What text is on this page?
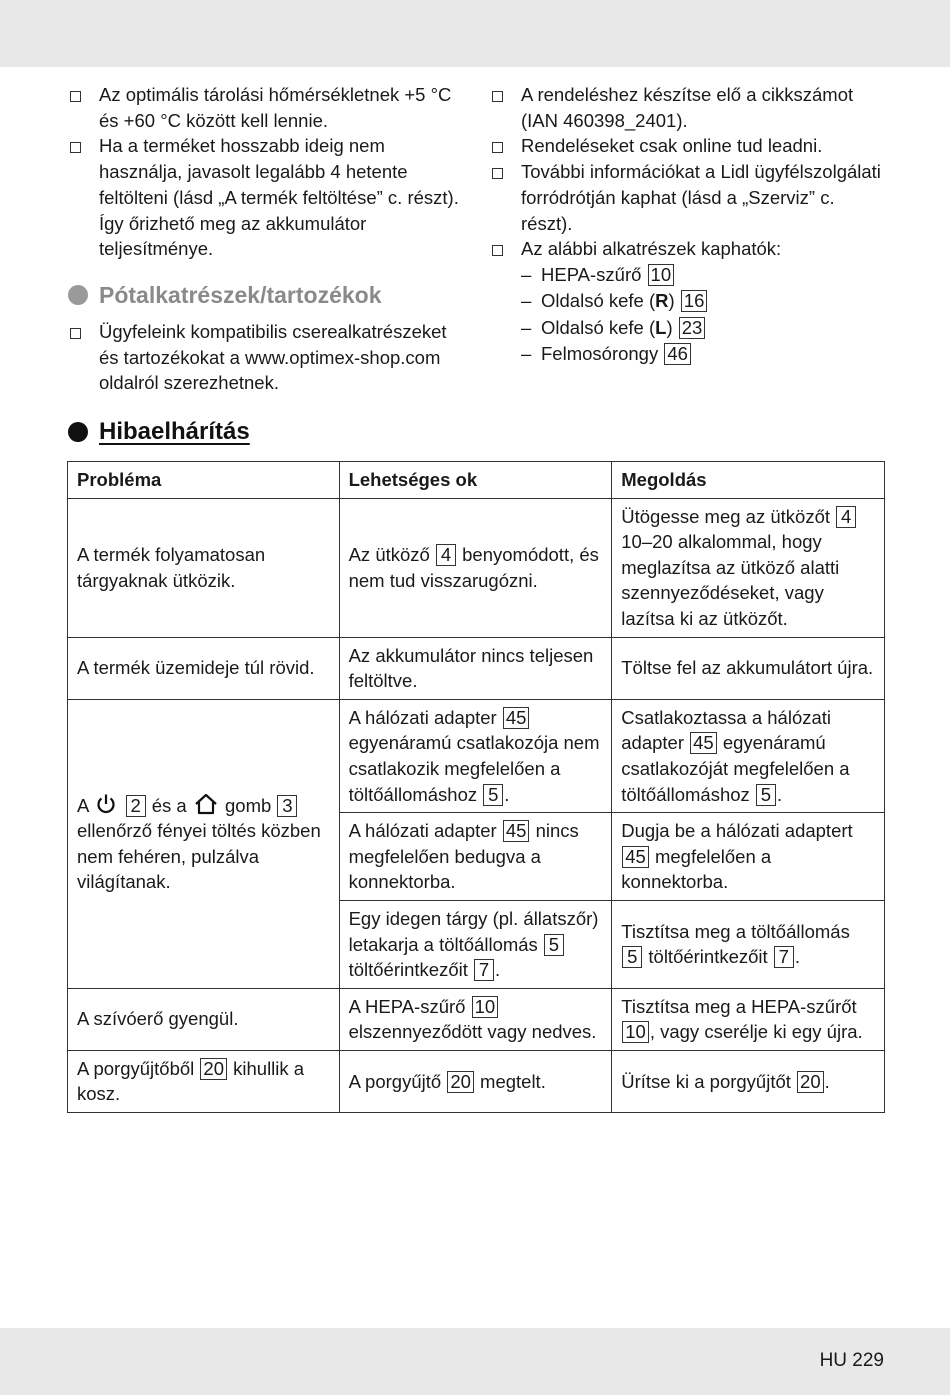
Az optimális tárolási hőmérsékletnek +5 °C és +60 °C között kell lennie.
Ha a terméket hosszabb ideig nem használja, javasolt legalább 4 hetente feltölteni (lásd „A termék feltöltése” c. részt). Így őrizhető meg az akkumulátor teljesítménye.
Pótalkatrészek/tartozékok
Ügyfeleink kompatibilis cserealkatrészeket és tartozékokat a www.optimex-shop.com oldalról szerezhetnek.
A rendeléshez készítse elő a cikkszámot (IAN 460398_2401).
Rendeléseket csak online tud leadni.
További információkat a Lidl ügyfélszolgálati forródrótján kaphat (lásd a „Szerviz” c. részt).
Az alábbi alkatrészek kaphatók:
– HEPA-szűrő 10
– Oldalsó kefe (R) 16
– Oldalsó kefe (L) 23
– Felmosórongy 46
Hibaelhárítás
Probléma	Lehetséges ok	Megoldás
A termék folyamatosan tárgyaknak ütközik.	Az ütköző 4 benyomódott, és nem tud visszarugózni.	Ütögesse meg az ütközőt 4 10–20 alkalommal, hogy meglazítsa az ütköző alatti szennyeződéseket, vagy lazítsa ki az ütközőt.
A termék üzemideje túl rövid.	Az akkumulátor nincs teljesen feltöltve.	Töltse fel az akkumulátort újra.
A 2 és a gomb 3 ellenőrző fényei töltés közben nem fehéren, pulzálva világítanak.	A hálózati adapter 45 egyenáramú csatlakozója nem csatlakozik megfelelően a töltőállomáshoz 5 .	Csatlakoztassa a hálózati adapter 45 egyenáramú csatlakozóját megfelelően a töltőállomáshoz 5 .
	A hálózati adapter 45 nincs megfelelően bedugva a konnektorba.	Dugja be a hálózati adaptert 45 megfelelően a konnektorba.
	Egy idegen tárgy (pl. állatszőr) letakarja a töltőállomás 5 töltőérintkezőit 7 .	Tisztítsa meg a töltőállomás 5 töltőérintkezőit 7 .
A szívóerő gyengül.	A HEPA-szűrő 10 elszennyeződött vagy nedves.	Tisztítsa meg a HEPA-szűrőt 10 , vagy cserélje ki egy újra.
A porgyűjtőből 20 kihullik a kosz.	A porgyűjtő 20 megtelt.	Ürítse ki a porgyűjtőt 20 .
HU 229
